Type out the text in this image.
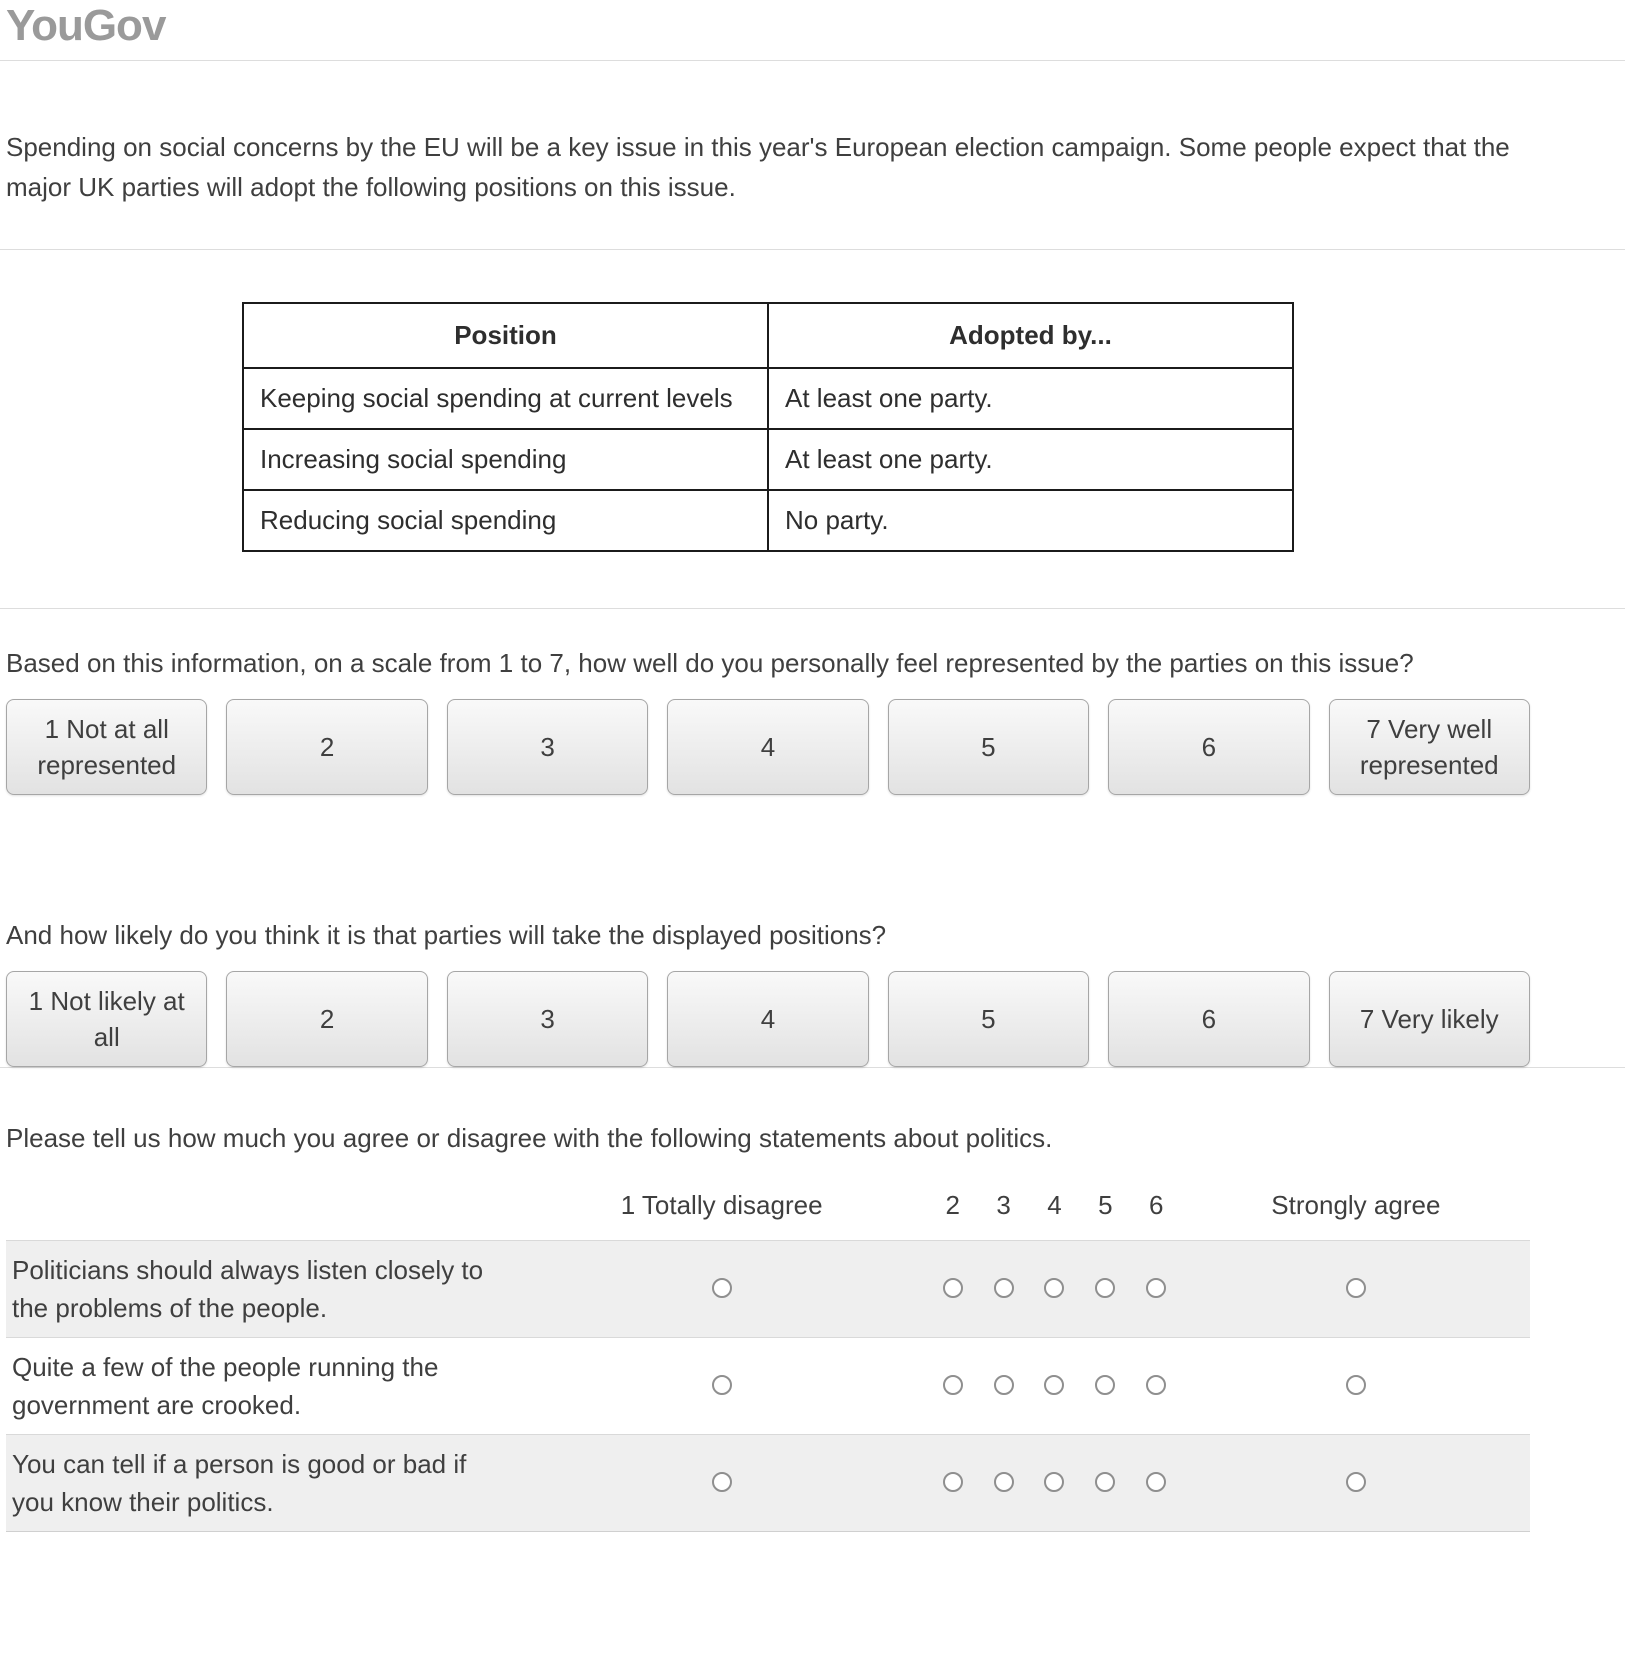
YouGov

Spending on social concerns by the EU will be a key issue in this year's European election campaign. Some people expect that the major UK parties will adopt the following positions on this issue.

Position	Adopted by...
Keeping social spending at current levels	At least one party.
Increasing social spending	At least one party.
Reducing social spending	No party.

Based on this information, on a scale from 1 to 7, how well do you personally feel represented by the parties on this issue?

1 Not at all represented
2	3	4	5	6
7 Very well represented

And how likely do you think it is that parties will take the displayed positions?

1 Not likely at all
2	3	4	5	6	7 Very likely

Please tell us how much you agree or disagree with the following statements about politics.

	1 Totally disagree	2	3	4	5	6	Strongly agree
Politicians should always listen closely to the problems of the people.							
Quite a few of the people running the government are crooked.							
You can tell if a person is good or bad if you know their politics.							
